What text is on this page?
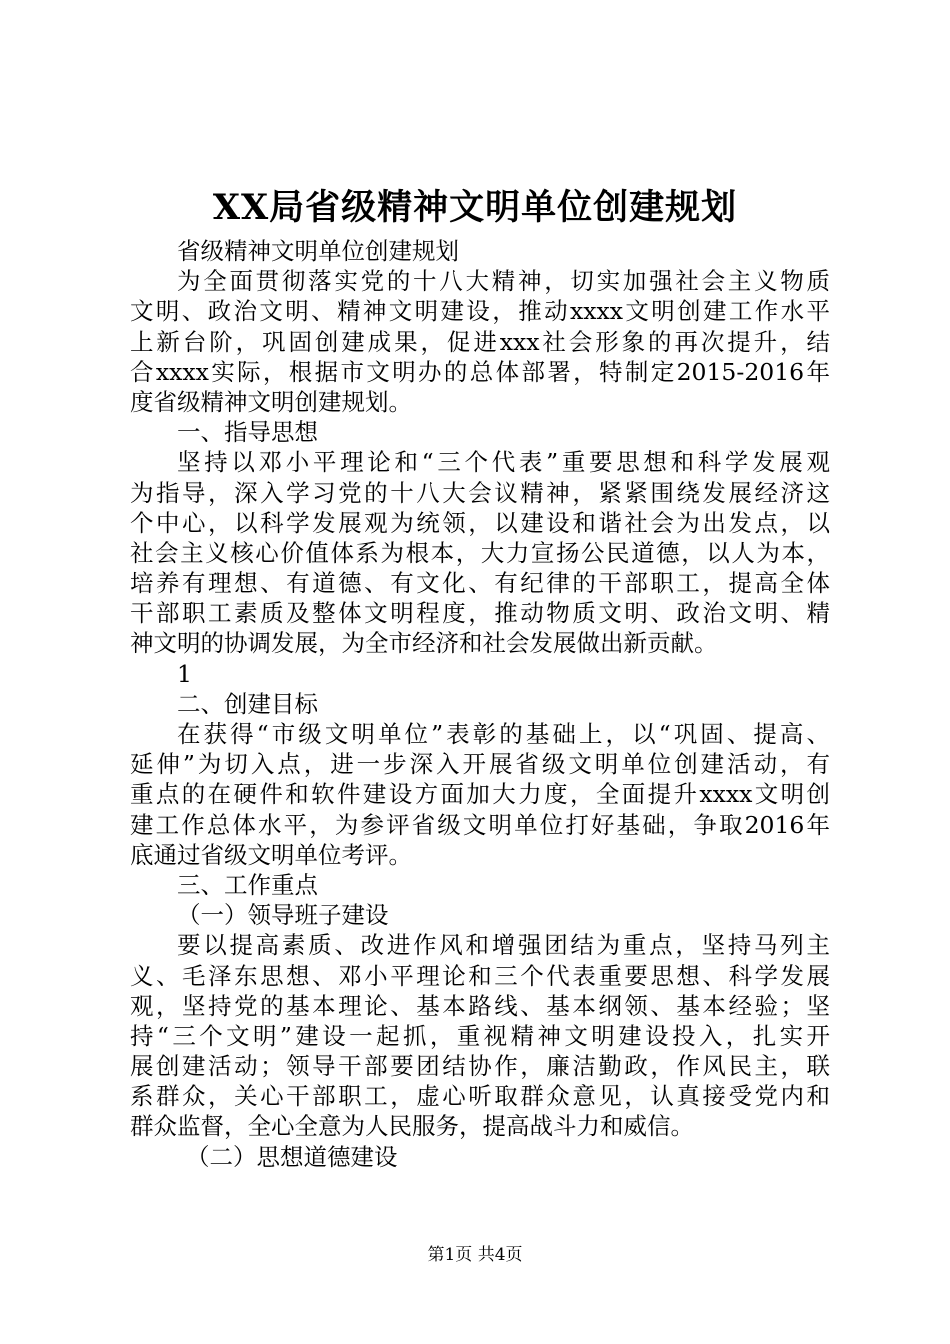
XX局省级精神文明单位创建规划
省级精神文明单位创建规划
为全面贯彻落实党的十八大精神，切实加强社会主义物质
文明、政治文明、精神文明建设，推动xxxx文明创建工作水平
上新台阶，巩固创建成果，促进xxx社会形象的再次提升，结
合xxxx实际，根据市文明办的总体部署，特制定2015-2016年
度省级精神文明创建规划。
一、指导思想
坚持以邓小平理论和“三个代表”重要思想和科学发展观
为指导，深入学习党的十八大会议精神，紧紧围绕发展经济这
个中心，以科学发展观为统领，以建设和谐社会为出发点，以
社会主义核心价值体系为根本，大力宣扬公民道德，以人为本，
培养有理想、有道德、有文化、有纪律的干部职工，提高全体
干部职工素质及整体文明程度，推动物质文明、政治文明、精
神文明的协调发展，为全市经济和社会发展做出新贡献。
1
二、创建目标
在获得“市级文明单位”表彰的基础上，以“巩固、提高、
延伸”为切入点，进一步深入开展省级文明单位创建活动，有
重点的在硬件和软件建设方面加大力度，全面提升xxxx文明创
建工作总体水平，为参评省级文明单位打好基础，争取2016年
底通过省级文明单位考评。
三、工作重点
（一）领导班子建设
要以提高素质、改进作风和增强团结为重点，坚持马列主
义、毛泽东思想、邓小平理论和三个代表重要思想、科学发展
观，坚持党的基本理论、基本路线、基本纲领、基本经验；坚
持“三个文明”建设一起抓，重视精神文明建设投入，扎实开
展创建活动；领导干部要团结协作，廉洁勤政，作风民主，联
系群众，关心干部职工，虚心听取群众意见，认真接受党内和
群众监督，全心全意为人民服务，提高战斗力和威信。
（二）思想道德建设
第1页 共4页
